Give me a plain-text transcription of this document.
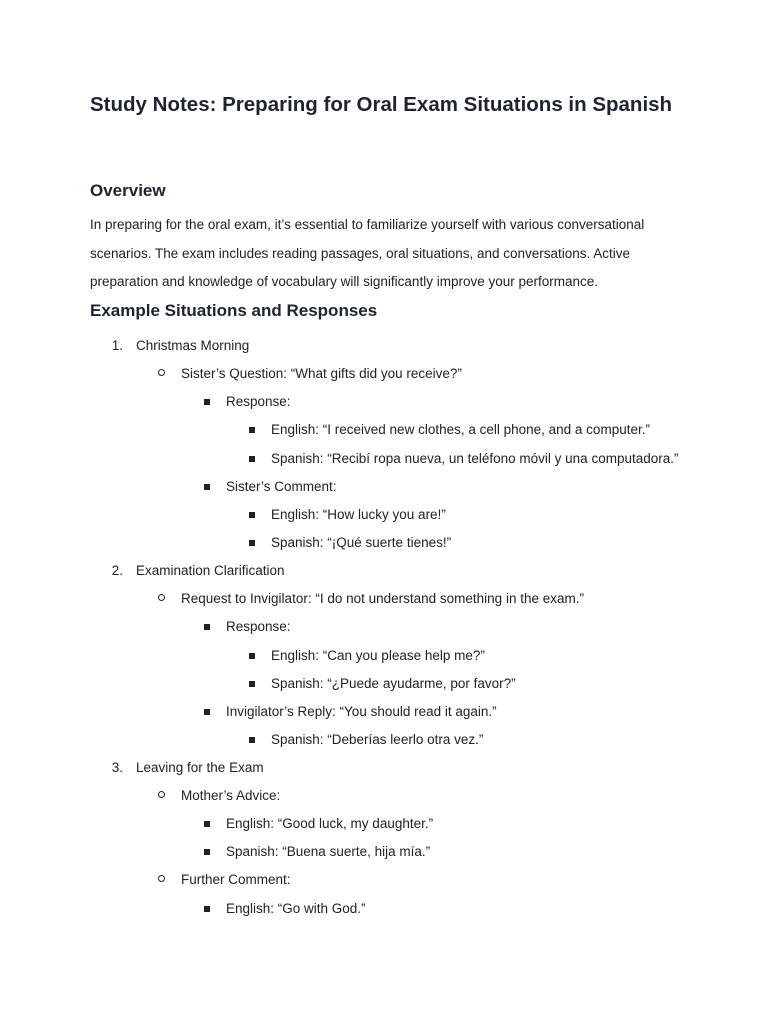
Study Notes: Preparing for Oral Exam Situations in Spanish
Overview

In preparing for the oral exam, it’s essential to familiarize yourself with various conversational scenarios. The exam includes reading passages, oral situations, and conversations. Active preparation and knowledge of vocabulary will significantly improve your performance.

Example Situations and Responses
1. Christmas Morning
Sister’s Question: “What gifts did you receive?”
Response:
English: “I received new clothes, a cell phone, and a computer.”
Spanish: “Recibí ropa nueva, un teléfono móvil y una computadora.”
Sister’s Comment:
English: “How lucky you are!”
Spanish: “¡Qué suerte tienes!”
2. Examination Clarification
Request to Invigilator: “I do not understand something in the exam.”
Response:
English: “Can you please help me?”
Spanish: “¿Puede ayudarme, por favor?”
Invigilator’s Reply: “You should read it again.”
Spanish: “Deberías leerlo otra vez.”
3. Leaving for the Exam
Mother’s Advice:
English: “Good luck, my daughter.”
Spanish: “Buena suerte, hija mía.”
Further Comment:
English: “Go with God.”
